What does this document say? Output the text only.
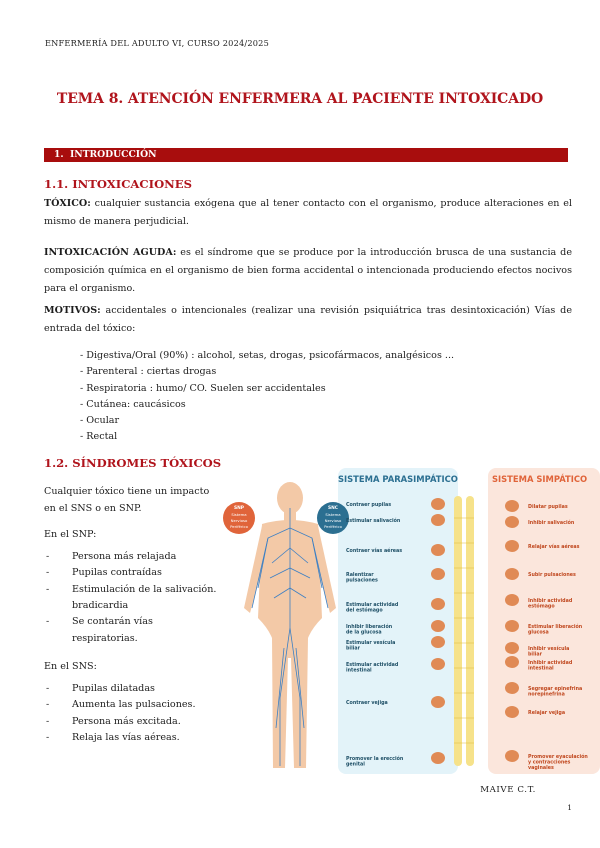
ENFERMERÍA DEL ADULTO VI, CURSO 2024/2025
TEMA 8. ATENCIÓN ENFERMERA AL PACIENTE INTOXICADO
1. INTRODUCCIÓN
1.1. INTOXICACIONES

TÓXICO: cualquier sustancia exógena que al tener contacto con el organismo, produce alteraciones en el mismo de manera perjudicial.

INTOXICACIÓN AGUDA: es el síndrome que se produce por la introducción brusca de una sustancia de composición química en el organismo de bien forma accidental o intencionada produciendo efectos nocivos para el organismo.

MOTIVOS: accidentales o intencionales (realizar una revisión psiquiátrica tras desintoxicación) Vías de entrada del tóxico:

- Digestiva/Oral (90%) : alcohol, setas, drogas, psicofármacos, analgésicos ...
- Parenteral : ciertas drogas
- Respiratoria : humo/ CO. Suelen ser accidentales
- Cutánea: caucásicos
- Ocular
- Rectal
1.2. SÍNDROMES TÓXICOS

Cualquier tóxico tiene un impacto en el SNS o en SNP.

En el SNP:
- Persona más relajada
- Pupilas contraídas
- Estimulación de la salivación. bradicardia
- Se contarán vías respiratorias.
En el SNS:
- Pupilas dilatadas
- Aumenta las pulsaciones.
- Persona más excitada.
- Relaja las vías aéreas.
SISTEMA PARASIMPÁTICO	SISTEMA SIMPÁTICO
SNP
Sistema
Nervioso
Periférico
SNC
Sistema
Nervioso
Periférico
Contraer pupilas
Estimular salivación
Contraer vías aéreas
Ralentizar pulsaciones
Estimular actividad del estómago
Inhibir liberación de la glucosa
Estimular vesícula biliar
Estimular actividad intestinal
Contraer vejiga
Promover la erección genital
Dilatar pupilas
Inhibir salivación
Relajar vías aéreas
Subir pulsaciones
Inhibir actividad estómago
Estimular liberación glucosa
Inhibir vesícula biliar
Inhibir actividad intestinal
Segregar epinefrina norepinefrina
Relajar vejiga
Promover eyaculación y contracciones vaginales
MAIVE C.T.
1
